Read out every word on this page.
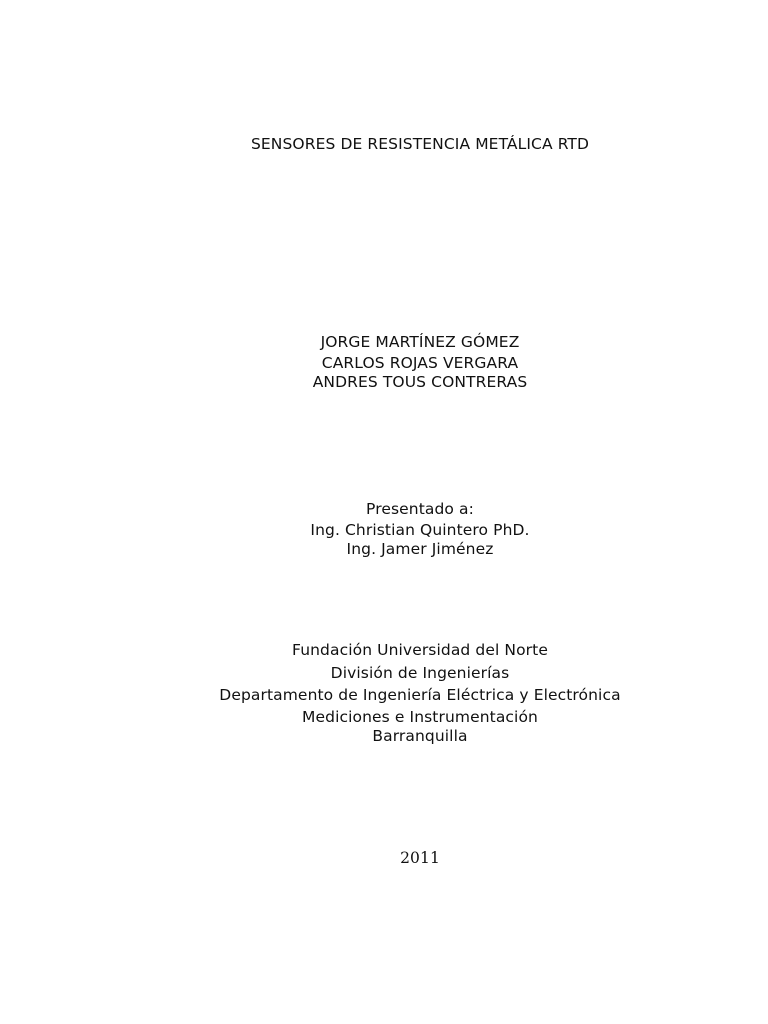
SENSORES DE RESISTENCIA METÁLICA RTD
JORGE MARTÍNEZ GÓMEZ
CARLOS ROJAS VERGARA
ANDRES TOUS CONTRERAS
Presentado a:
Ing. Christian Quintero PhD.
Ing. Jamer Jiménez
Fundación Universidad del Norte
División de Ingenierías
Departamento de Ingeniería Eléctrica y Electrónica
Mediciones e Instrumentación
Barranquilla
2011
